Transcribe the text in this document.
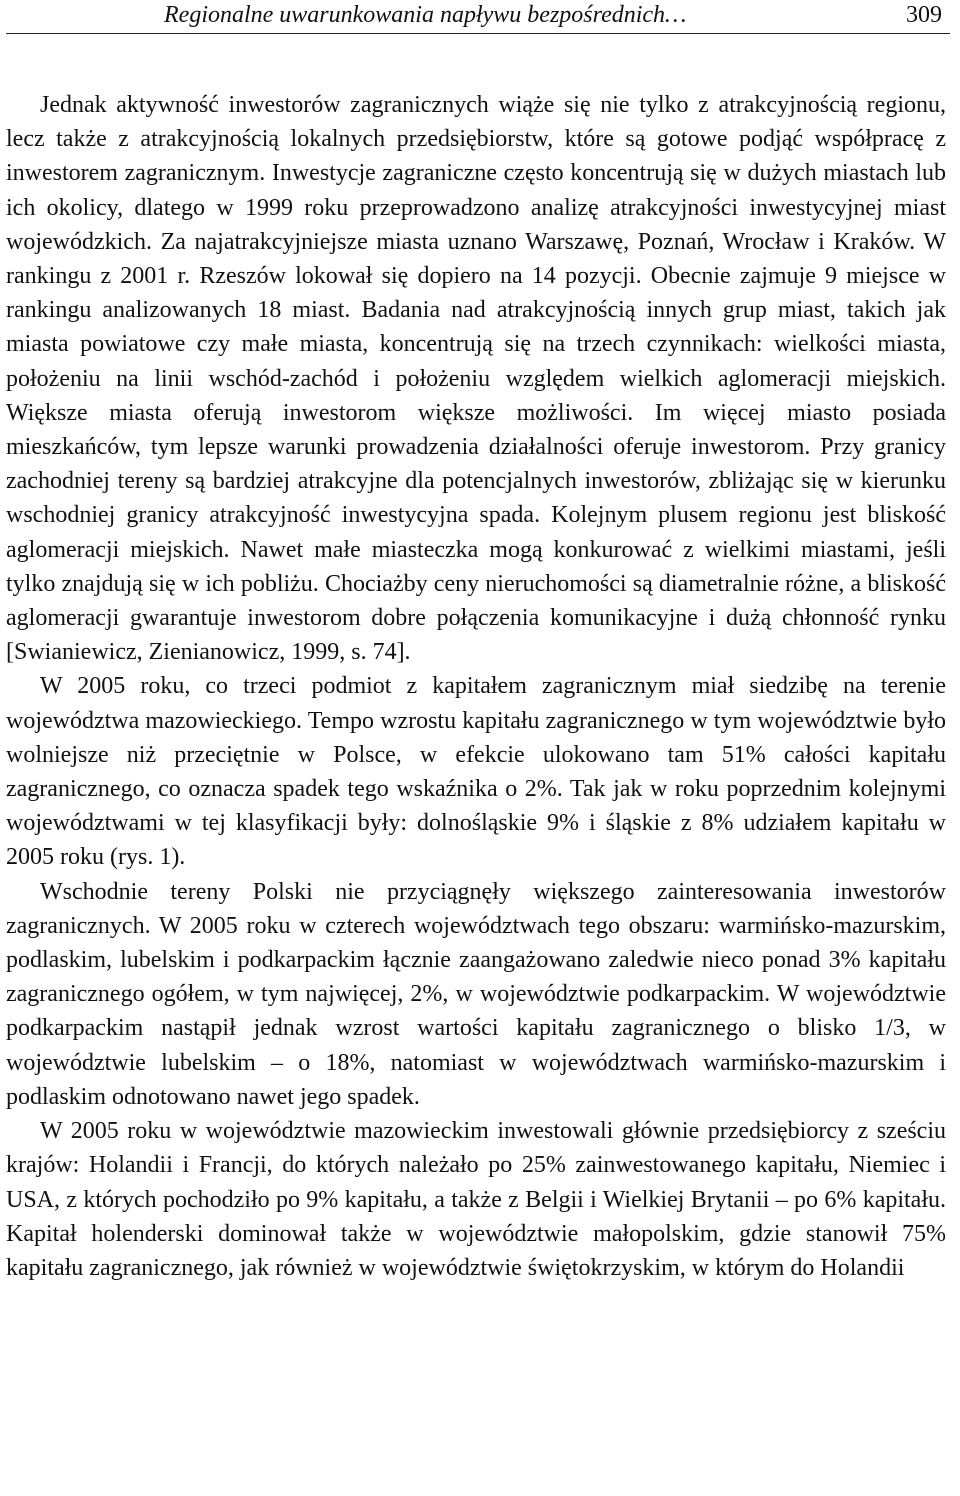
Regionalne uwarunkowania napływu bezpośrednich…	309

Jednak aktywność inwestorów zagranicznych wiąże się nie tylko z atrakcyjnością regionu, lecz także z atrakcyjnością lokalnych przedsiębiorstw, które są gotowe podjąć współpracę z inwestorem zagranicznym. Inwestycje zagraniczne często koncentrują się w dużych miastach lub ich okolicy, dlatego w 1999 roku przeprowadzono analizę atrakcyjności inwestycyjnej miast wojewódzkich. Za najatrakcyjniejsze miasta uznano Warszawę, Poznań, Wrocław i Kraków. W rankingu z 2001 r. Rzeszów lokował się dopiero na 14 pozycji. Obecnie zajmuje 9 miejsce w rankingu analizowanych 18 miast. Badania nad atrakcyjnością innych grup miast, takich jak miasta powiatowe czy małe miasta, koncentrują się na trzech czynnikach: wielkości miasta, położeniu na linii wschód-zachód i położeniu względem wielkich aglomeracji miejskich. Większe miasta oferują inwestorom większe możliwości. Im więcej miasto posiada mieszkańców, tym lepsze warunki prowadzenia działalności oferuje inwestorom. Przy granicy zachodniej tereny są bardziej atrakcyjne dla potencjalnych inwestorów, zbliżając się w kierunku wschodniej granicy atrakcyjność inwestycyjna spada. Kolejnym plusem regionu jest bliskość aglomeracji miejskich. Nawet małe miasteczka mogą konkurować z wielkimi miastami, jeśli tylko znajdują się w ich pobliżu. Chociażby ceny nieruchomości są diametralnie różne, a bliskość aglomeracji gwarantuje inwestorom dobre połączenia komunikacyjne i dużą chłonność rynku [Swianiewicz, Zienianowicz, 1999, s. 74].

W 2005 roku, co trzeci podmiot z kapitałem zagranicznym miał siedzibę na terenie województwa mazowieckiego. Tempo wzrostu kapitału zagranicznego w tym województwie było wolniejsze niż przeciętnie w Polsce, w efekcie ulokowano tam 51% całości kapitału zagranicznego, co oznacza spadek tego wskaźnika o 2%. Tak jak w roku poprzednim kolejnymi województwami w tej klasyfikacji były: dolnośląskie 9% i śląskie z 8% udziałem kapitału w 2005 roku (rys. 1).

Wschodnie tereny Polski nie przyciągnęły większego zainteresowania inwestorów zagranicznych. W 2005 roku w czterech województwach tego obszaru: warmińsko-mazurskim, podlaskim, lubelskim i podkarpackim łącznie zaangażowano zaledwie nieco ponad 3% kapitału zagranicznego ogółem, w tym najwięcej, 2%, w województwie podkarpackim. W województwie podkarpackim nastąpił jednak wzrost wartości kapitału zagranicznego o blisko 1/3, w województwie lubelskim – o 18%, natomiast w województwach warmińsko-mazurskim i podlaskim odnotowano nawet jego spadek.

W 2005 roku w województwie mazowieckim inwestowali głównie przedsiębiorcy z sześciu krajów: Holandii i Francji, do których należało po 25% zainwestowanego kapitału, Niemiec i USA, z których pochodziło po 9% kapitału, a także z Belgii i Wielkiej Brytanii – po 6% kapitału. Kapitał holenderski dominował także w województwie małopolskim, gdzie stanowił 75% kapitału zagranicznego, jak również w województwie świętokrzyskim, w którym do Holandii
